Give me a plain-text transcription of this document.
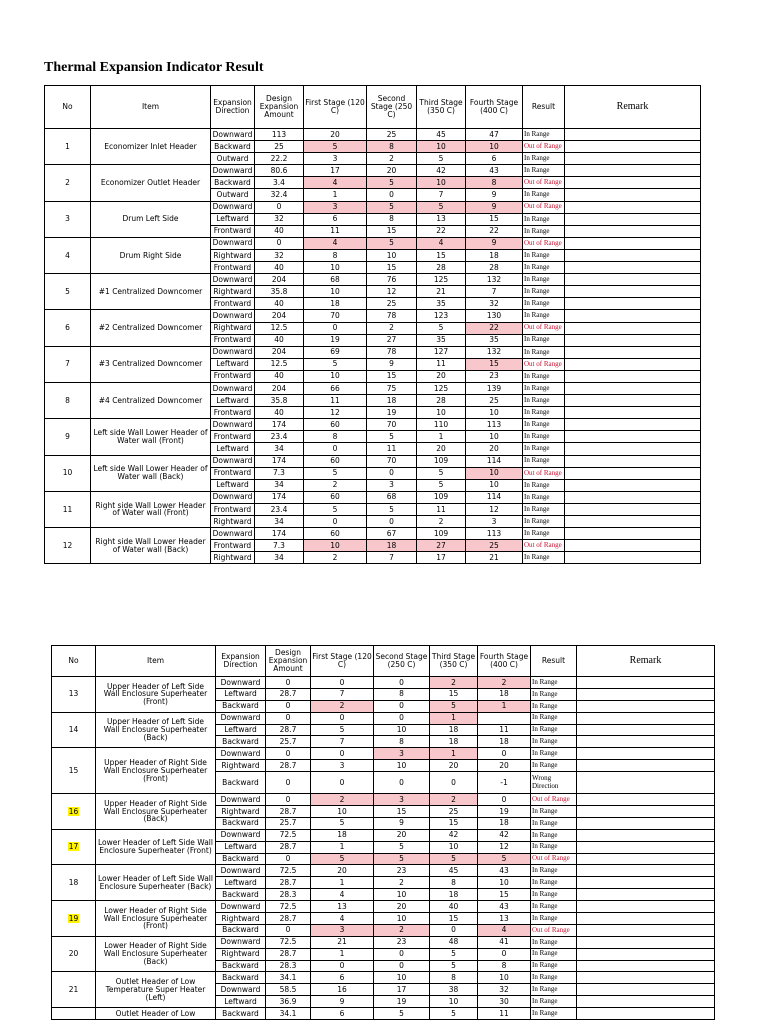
Thermal Expansion Indicator Result
No	Item	Expansion Direction	Design Expansion Amount	First Stage (120 C)	Second Stage (250 C)	Third Stage (350 C)	Fourth Stage (400 C)	Result	Remark
1	Economizer Inlet Header	Downward	113	20	25	45	47	In Range	
		Backward	25	5	8	10	10	Out of Range	
		Outward	22.2	3	2	5	6	In Range	
2	Economizer Outlet Header	Downward	80.6	17	20	42	43	In Range	
		Backward	3.4	4	5	10	8	Out of Range	
		Outward	32.4	1	0	7	9	In Range	
3	Drum Left Side	Downward	0	3	5	5	9	Out of Range	
		Leftward	32	6	8	13	15	In Range	
		Frontward	40	11	15	22	22	In Range	
4	Drum Right Side	Downward	0	4	5	4	9	Out of Range	
		Rightward	32	8	10	15	18	In Range	
		Frontward	40	10	15	28	28	In Range	
5	#1 Centralized Downcomer	Downward	204	68	76	125	132	In Range	
		Rightward	35.8	10	12	21	7	In Range	
		Frontward	40	18	25	35	32	In Range	
6	#2 Centralized Downcomer	Downward	204	70	78	123	130	In Range	
		Rightward	12.5	0	2	5	22	Out of Range	
		Frontward	40	19	27	35	35	In Range	
7	#3 Centralized Downcomer	Downward	204	69	78	127	132	In Range	
		Leftward	12.5	5	9	11	15	Out of Range	
		Frontward	40	10	15	20	23	In Range	
8	#4 Centralized Downcomer	Downward	204	66	75	125	139	In Range	
		Leftward	35.8	11	18	28	25	In Range	
		Frontward	40	12	19	10	10	In Range	
9	Left side Wall Lower Header of Water wall (Front)	Downward	174	60	70	110	113	In Range	
		Frontward	23.4	8	5	1	10	In Range	
		Leftward	34	0	11	20	20	In Range	
10	Left side Wall Lower Header of Water wall (Back)	Downward	174	60	70	109	114	In Range	
		Frontward	7.3	5	0	5	10	Out of Range	
		Leftward	34	2	3	5	10	In Range	
11	Right side Wall Lower Header of Water wall (Front)	Downward	174	60	68	109	114	In Range	
		Frontward	23.4	5	5	11	12	In Range	
		Rightward	34	0	0	2	3	In Range	
12	Right side Wall Lower Header of Water wall (Back)	Downward	174	60	67	109	113	In Range	
		Frontward	7.3	10	18	27	25	Out of Range	
		Rightward	34	2	7	17	21	In Range	
No	Item	Expansion Direction	Design Expansion Amount	First Stage (120 C)	Second Stage (250 C)	Third Stage (350 C)	Fourth Stage (400 C)	Result	Remark
13	Upper Header of Left Side Wall Enclosure Superheater (Front)	Downward	0	0	0	2	2	In Range	
		Leftward	28.7	7	8	15	18	In Range	
		Backward	0	2	0	5	1	In Range	
14	Upper Header of Left Side Wall Enclosure Superheater (Back)	Downward	0	0	0	1		In Range	
		Leftward	28.7	5	10	18	11	In Range	
		Backward	25.7	7	8	18	18	In Range	
15	Upper Header of Right Side Wall Enclosure Superheater (Front)	Downward	0	0	3	1	0	In Range	
		Rightward	28.7	3	10	20	20	In Range	
		Backward	0	0	0	0	-1	Wrong Direction	
16	Upper Header of Right Side Wall Enclosure Superheater (Back)	Downward	0	2	3	2	0	Out of Range	
		Rightward	28.7	10	15	25	19	In Range	
		Backward	25.7	5	9	15	18	In Range	
17	Lower Header of Left Side Wall Enclosure Superheater (Front)	Downward	72.5	18	20	42	42	In Range	
		Leftward	28.7	1	5	10	12	In Range	
		Backward	0	5	5	5	5	Out of Range	
18	Lower Header of Left Side Wall Enclosure Superheater (Back)	Downward	72.5	20	23	45	43	In Range	
		Leftward	28.7	1	2	8	10	In Range	
		Backward	28.3	4	10	18	15	In Range	
19	Lower Header of Right Side Wall Enclosure Superheater (Front)	Downward	72.5	13	20	40	43	In Range	
		Rightward	28.7	4	10	15	13	In Range	
		Backward	0	3	2	0	4	Out of Range	
20	Lower Header of Right Side Wall Enclosure Superheater (Back)	Downward	72.5	21	23	48	41	In Range	
		Rightward	28.7	1	0	5	0	In Range	
		Backward	28.3	0	0	5	8	In Range	
21	Outlet Header of Low Temperature Super Heater (Left)	Backward	34.1	6	10	8	10	In Range	
		Downward	58.5	16	17	38	32	In Range	
		Leftward	36.9	9	19	10	30	In Range	
	Outlet Header of Low	Backward	34.1	6	5	5	11	In Range	
